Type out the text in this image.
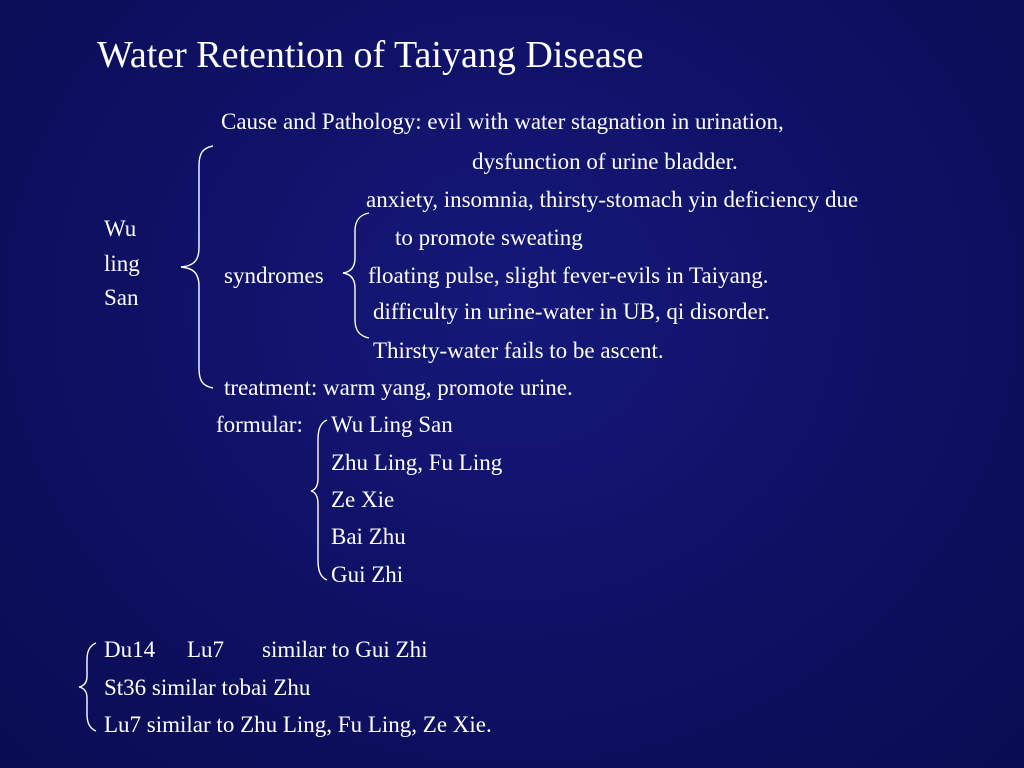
Water Retention of Taiyang Disease
Cause and Pathology: evil with water stagnation in urination,
dysfunction of urine bladder.
Wu
ling
San
anxiety, insomnia, thirsty-stomach yin deficiency due
to promote sweating
syndromes floating pulse, slight fever-evils in Taiyang.
difficulty in urine-water in UB, qi disorder.
Thirsty-water fails to be ascent.
treatment: warm yang, promote urine.
formular: Wu Ling San
Zhu Ling, Fu Ling
Ze Xie
Bai Zhu
Gui Zhi
Du14 Lu7 similar to Gui Zhi
St36 similar tobai Zhu
Lu7 similar to Zhu Ling, Fu Ling, Ze Xie.
